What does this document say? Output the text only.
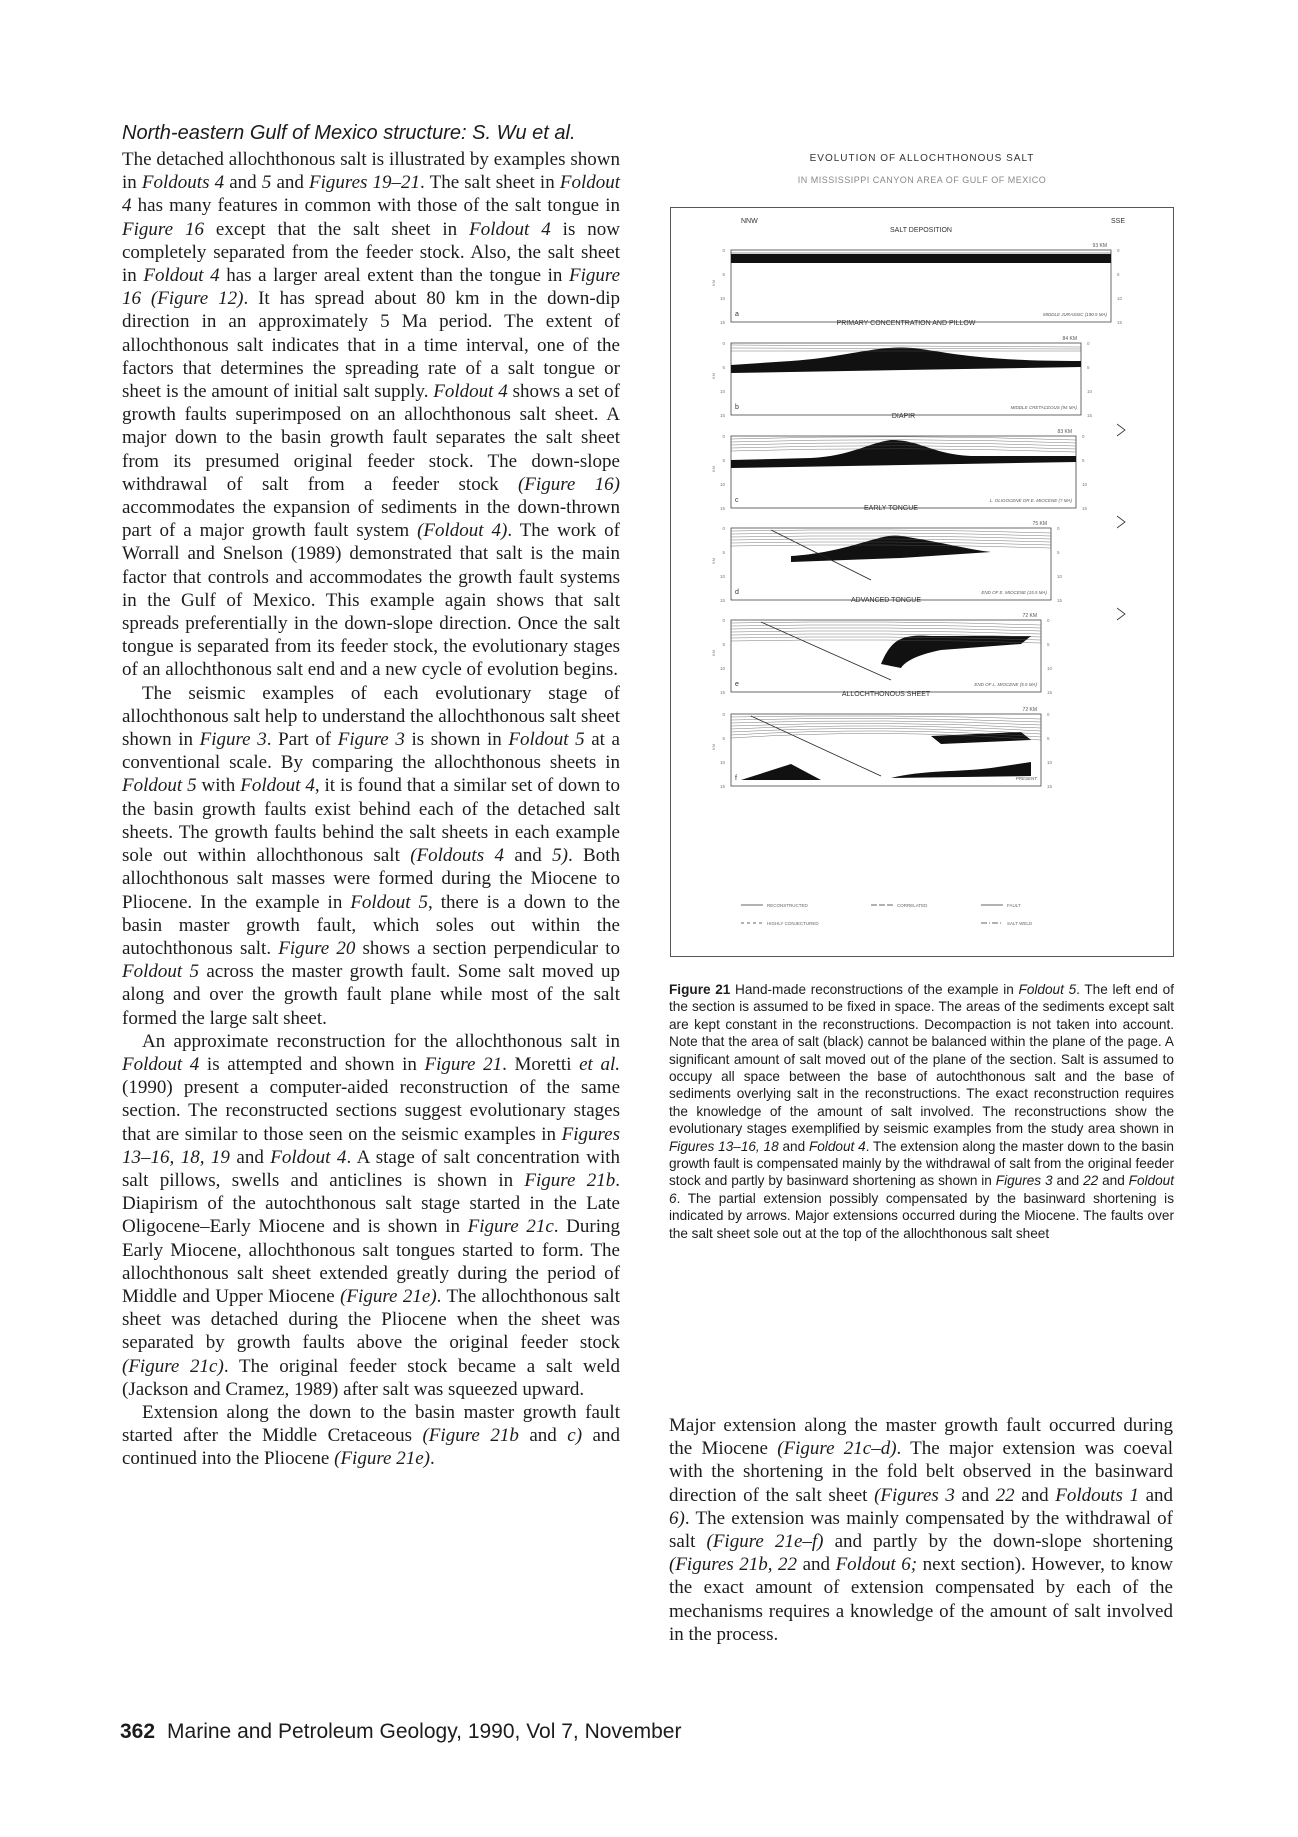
North-eastern Gulf of Mexico structure: S. Wu et al.

The detached allochthonous salt is illustrated by examples shown in Foldouts 4 and 5 and Figures 19–21. The salt sheet in Foldout 4 has many features in common with those of the salt tongue in Figure 16 except that the salt sheet in Foldout 4 is now completely separated from the feeder stock. Also, the salt sheet in Foldout 4 has a larger areal extent than the tongue in Figure 16 (Figure 12). It has spread about 80 km in the down-dip direction in an approximately 5 Ma period. The extent of allochthonous salt indicates that in a time interval, one of the factors that determines the spreading rate of a salt tongue or sheet is the amount of initial salt supply. Foldout 4 shows a set of growth faults superimposed on an allochthonous salt sheet. A major down to the basin growth fault separates the salt sheet from its presumed original feeder stock. The down-slope withdrawal of salt from a feeder stock (Figure 16) accommodates the expansion of sediments in the down-thrown part of a major growth fault system (Foldout 4). The work of Worrall and Snelson (1989) demonstrated that salt is the main factor that controls and accommodates the growth fault systems in the Gulf of Mexico. This example again shows that salt spreads preferentially in the down-slope direction. Once the salt tongue is separated from its feeder stock, the evolutionary stages of an allochthonous salt end and a new cycle of evolution begins.

The seismic examples of each evolutionary stage of allochthonous salt help to understand the allochthonous salt sheet shown in Figure 3. Part of Figure 3 is shown in Foldout 5 at a conventional scale. By comparing the allochthonous sheets in Foldout 5 with Foldout 4, it is found that a similar set of down to the basin growth faults exist behind each of the detached salt sheets. The growth faults behind the salt sheets in each example sole out within allochthonous salt (Foldouts 4 and 5). Both allochthonous salt masses were formed during the Miocene to Pliocene. In the example in Foldout 5, there is a down to the basin master growth fault, which soles out within the autochthonous salt. Figure 20 shows a section perpendicular to Foldout 5 across the master growth fault. Some salt moved up along and over the growth fault plane while most of the salt formed the large salt sheet.

An approximate reconstruction for the allochthonous salt in Foldout 4 is attempted and shown in Figure 21. Moretti et al. (1990) present a computer-aided reconstruction of the same section. The reconstructed sections suggest evolutionary stages that are similar to those seen on the seismic examples in Figures 13–16, 18, 19 and Foldout 4. A stage of salt concentration with salt pillows, swells and anticlines is shown in Figure 21b. Diapirism of the autochthonous salt stage started in the Late Oligocene–Early Miocene and is shown in Figure 21c. During Early Miocene, allochthonous salt tongues started to form. The allochthonous salt sheet extended greatly during the period of Middle and Upper Miocene (Figure 21e). The allochthonous salt sheet was detached during the Pliocene when the sheet was separated by growth faults above the original feeder stock (Figure 21c). The original feeder stock became a salt weld (Jackson and Cramez, 1989) after salt was squeezed upward.

Extension along the down to the basin master growth fault started after the Middle Cretaceous (Figure 21b and c) and continued into the Pliocene (Figure 21e).

EVOLUTION OF ALLOCHTHONOUS SALT
IN MISSISSIPPI CANYON AREA OF GULF OF MEXICO
NNW	SSE
SALT DEPOSITION
93 KM
0	0
5	5
10	10
15	15
KM
a	MIDDLE JURASSIC (190.5 MA)
PRIMARY CONCENTRATION AND PILLOW
84 KM
0	0
5	5
10	10
15	15
KM
b	MIDDLE CRETACEOUS (94 MA)
DIAPIR
83 KM
0	0
5	5
10	10
15	15
KM
c	L. OLIGOCENE OR E. MIOCENE (? MA)
EARLY TONGUE
75 KM
0	0
5	5
10	10
15	15
KM
d	END OF E. MIOCENE (15.5 MA)
ADVANCED TONGUE
72 KM
0	0
5	5
10	10
15	15
KM
e	END OF L. MIOCENE (5.5 MA)
ALLOCHTHONOUS SHEET
72 KM
0	0
5	5
10	10
15	15
KM
f	PRESENT
RECONSTRUCTED	CORRELATED	FAULT
HIGHLY CONJECTURED	SALT WELD
Figure 21 Hand-made reconstructions of the example in Foldout 5. The left end of the section is assumed to be fixed in space. The areas of the sediments except salt are kept constant in the reconstructions. Decompaction is not taken into account. Note that the area of salt (black) cannot be balanced within the plane of the page. A significant amount of salt moved out of the plane of the section. Salt is assumed to occupy all space between the base of autochthonous salt and the base of sediments overlying salt in the reconstructions. The exact reconstruction requires the knowledge of the amount of salt involved. The reconstructions show the evolutionary stages exemplified by seismic examples from the study area shown in Figures 13–16, 18 and Foldout 4. The extension along the master down to the basin growth fault is compensated mainly by the withdrawal of salt from the original feeder stock and partly by basinward shortening as shown in Figures 3 and 22 and Foldout 6. The partial extension possibly compensated by the basinward shortening is indicated by arrows. Major extensions occurred during the Miocene. The faults over the salt sheet sole out at the top of the allochthonous salt sheet

Major extension along the master growth fault occurred during the Miocene (Figure 21c–d). The major extension was coeval with the shortening in the fold belt observed in the basinward direction of the salt sheet (Figures 3 and 22 and Foldouts 1 and 6). The extension was mainly compensated by the withdrawal of salt (Figure 21e–f) and partly by the down-slope shortening (Figures 21b, 22 and Foldout 6; next section). However, to know the exact amount of extension compensated by each of the mechanisms requires a knowledge of the amount of salt involved in the process.

362 Marine and Petroleum Geology, 1990, Vol 7, November
